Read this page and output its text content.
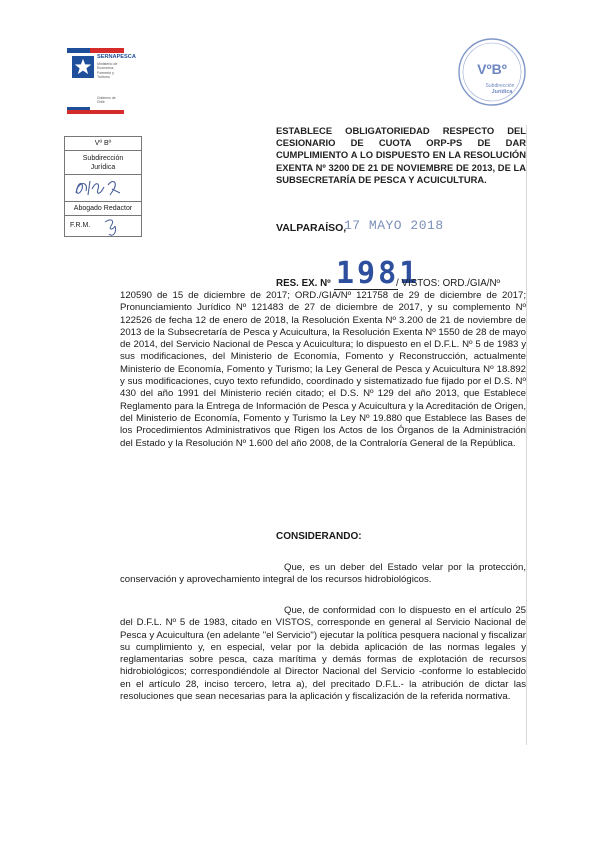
SERNAPESCA
Ministerio de Economía, Fomento y Turismo
Gobierno de Chile
VºBº
Subdirección
Jurídica
Vº Bº
Subdirección
Jurídica
Abogado Redactor
F.R.M.
ESTABLECE OBLIGATORIEDAD RESPECTO DEL CESIONARIO DE CUOTA ORP-PS DE DAR CUMPLIMIENTO A LO DISPUESTO EN LA RESOLUCIÓN EXENTA Nº 3200 DE 21 DE NOVIEMBRE DE 2013, DE LA SUBSECRETARÍA DE PESCA Y ACUICULTURA.
VALPARAÍSO,
17 MAYO 2018
RES. EX. Nº 1981
/ VISTOS: ORD./GIA/Nº
120590 de 15 de diciembre de 2017; ORD./GIA/Nº 121758 de 29 de diciembre de 2017; Pronunciamiento Jurídico Nº 121483 de 27 de diciembre de 2017, y su complemento Nº 122526 de fecha 12 de enero de 2018, la Resolución Exenta Nº 3.200 de 21 de noviembre de 2013 de la Subsecretaría de Pesca y Acuicultura, la Resolución Exenta Nº 1550 de 28 de mayo de 2014, del Servicio Nacional de Pesca y Acuicultura; lo dispuesto en el D.F.L. Nº 5 de 1983 y sus modificaciones, del Ministerio de Economía, Fomento y Reconstrucción, actualmente Ministerio de Economía, Fomento y Turismo; la Ley General de Pesca y Acuicultura Nº 18.892 y sus modificaciones, cuyo texto refundido, coordinado y sistematizado fue fijado por el D.S. Nº 430 del año 1991 del Ministerio recién citado; el D.S. Nº 129 del año 2013, que Establece Reglamento para la Entrega de Información de Pesca y Acuicultura y la Acreditación de Origen, del Ministerio de Economía, Fomento y Turismo la Ley Nº 19.880 que Establece las Bases de los Procedimientos Administrativos que Rigen los Actos de los Órganos de la Administración del Estado y la Resolución Nº 1.600 del año 2008, de la Contraloría General de la República.
CONSIDERANDO:
Que, es un deber del Estado velar por la protección, conservación y aprovechamiento integral de los recursos hidrobiológicos.
Que, de conformidad con lo dispuesto en el artículo 25 del D.F.L. Nº 5 de 1983, citado en VISTOS, corresponde en general al Servicio Nacional de Pesca y Acuicultura (en adelante "el Servicio") ejecutar la política pesquera nacional y fiscalizar su cumplimiento y, en especial, velar por la debida aplicación de las normas legales y reglamentarias sobre pesca, caza marítima y demás formas de explotación de recursos hidrobiológicos; correspondiéndole al Director Nacional del Servicio -conforme lo establecido en el artículo 28, inciso tercero, letra a), del precitado D.F.L.- la atribución de dictar las resoluciones que sean necesarias para la aplicación y fiscalización de la referida normativa.
